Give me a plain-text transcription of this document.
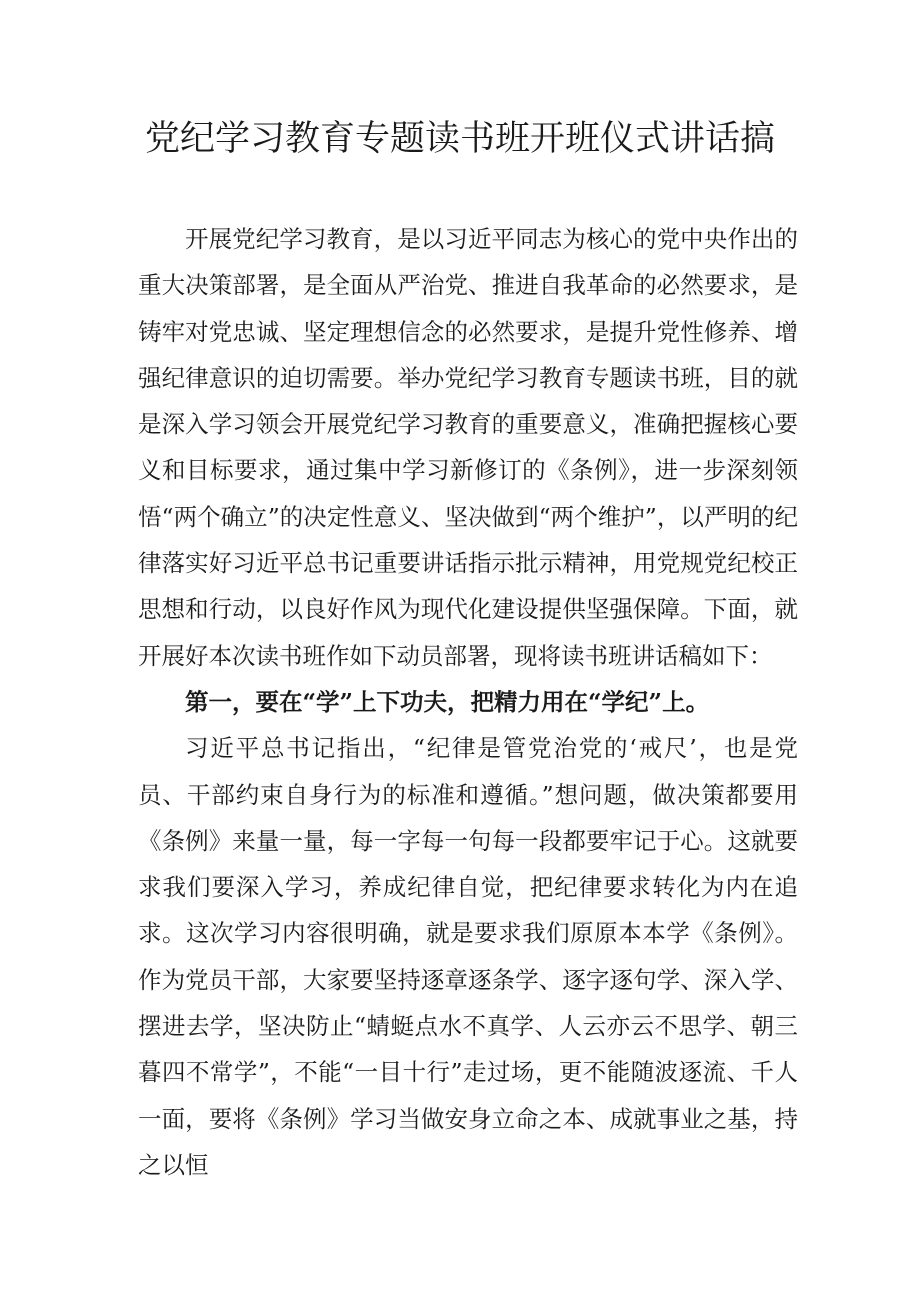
党纪学习教育专题读书班开班仪式讲话搞

开展党纪学习教育，是以习近平同志为核心的党中央作出的重大决策部署，是全面从严治党、推进自我革命的必然要求，是铸牢对党忠诚、坚定理想信念的必然要求，是提升党性修养、增强纪律意识的迫切需要。举办党纪学习教育专题读书班，目的就是深入学习领会开展党纪学习教育的重要意义，准确把握核心要义和目标要求，通过集中学习新修订的《条例》，进一步深刻领悟“两个确立”的决定性意义、坚决做到“两个维护”，以严明的纪律落实好习近平总书记重要讲话指示批示精神，用党规党纪校正思想和行动，以良好作风为现代化建设提供坚强保障。下面，就开展好本次读书班作如下动员部署，现将读书班讲话稿如下：

第一，要在“学”上下功夫，把精力用在“学纪”上。

习近平总书记指出，“纪律是管党治党的‘戒尺’，也是党员、干部约束自身行为的标准和遵循。”想问题，做决策都要用《条例》来量一量，每一字每一句每一段都要牢记于心。这就要求我们要深入学习，养成纪律自觉，把纪律要求转化为内在追求。这次学习内容很明确，就是要求我们原原本本学《条例》。作为党员干部，大家要坚持逐章逐条学、逐字逐句学、深入学、摆进去学，坚决防止“蜻蜓点水不真学、人云亦云不思学、朝三暮四不常学”，不能“一目十行”走过场，更不能随波逐流、千人一面，要将《条例》学习当做安身立命之本、成就事业之基，持之以恒
